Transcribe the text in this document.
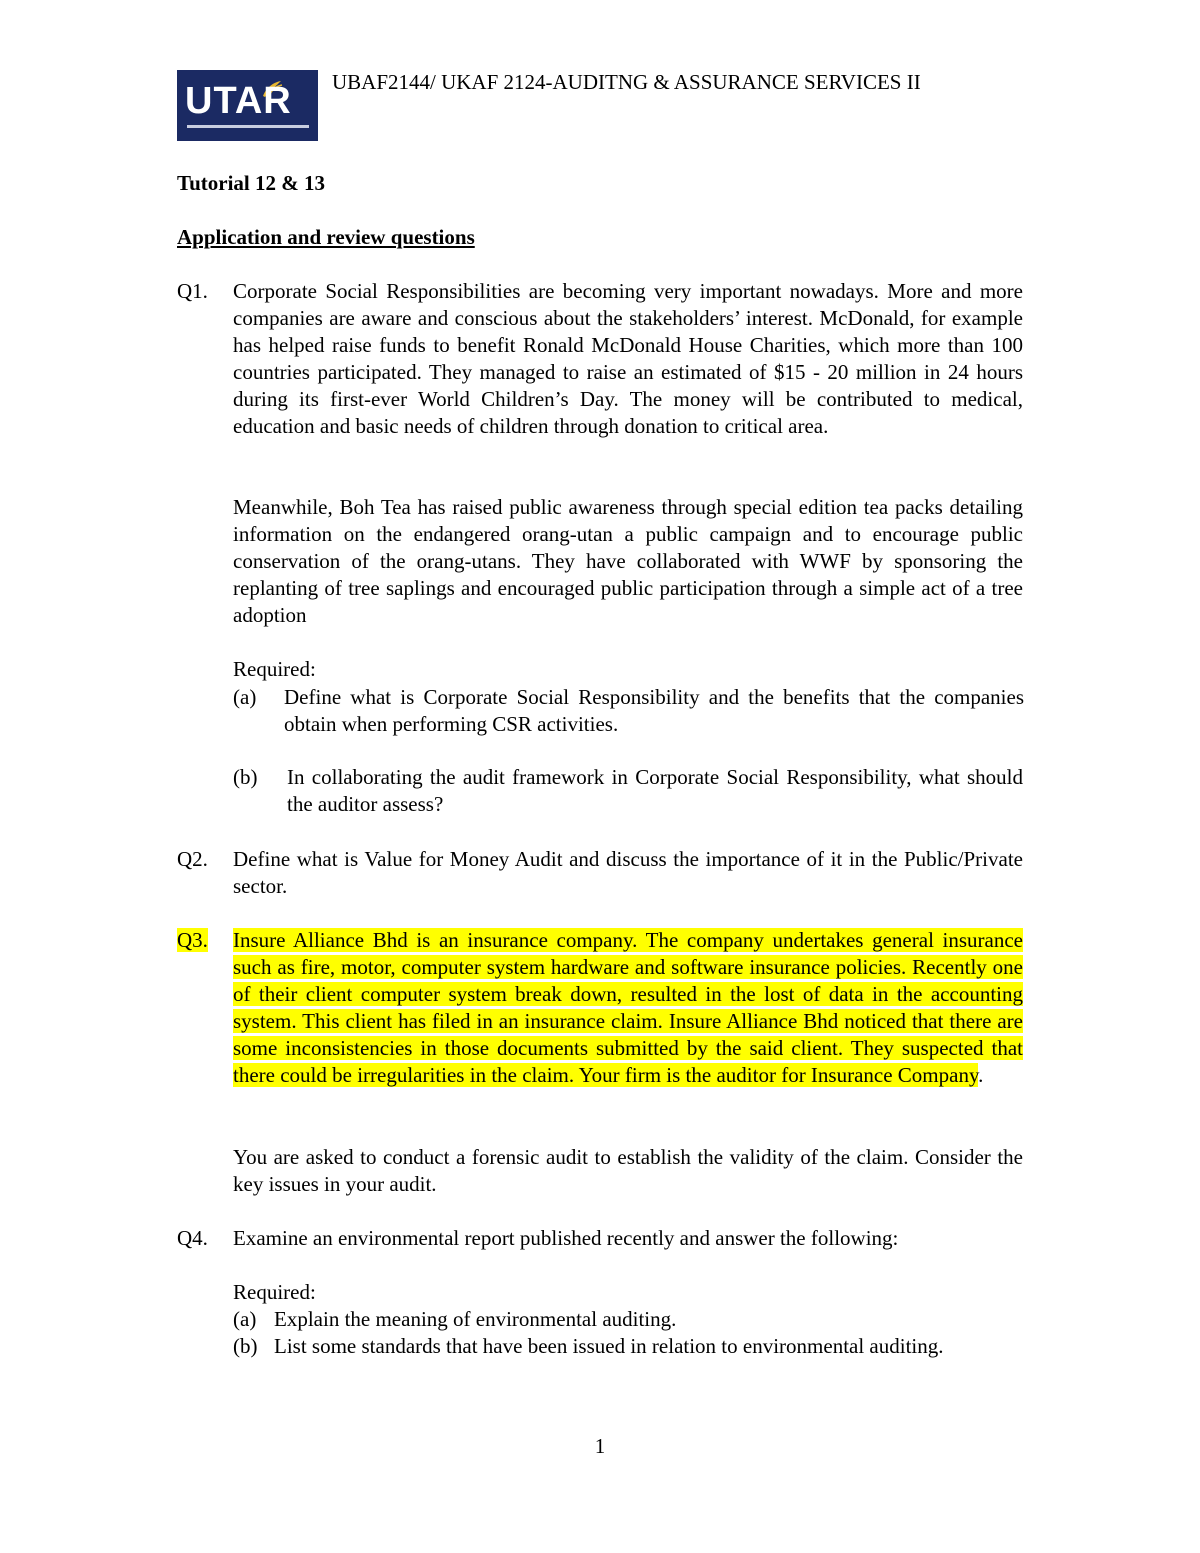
UTAR UBAF2144/ UKAF 2124-AUDITNG & ASSURANCE SERVICES II
Tutorial 12 & 13
Application and review questions
Q1. Corporate Social Responsibilities are becoming very important nowadays. More and more companies are aware and conscious about the stakeholders’ interest. McDonald, for example has helped raise funds to benefit Ronald McDonald House Charities, which more than 100 countries participated. They managed to raise an estimated of $15 - 20 million in 24 hours during its first-ever World Children’s Day. The money will be contributed to medical, education and basic needs of children through donation to critical area.

Meanwhile, Boh Tea has raised public awareness through special edition tea packs detailing information on the endangered orang-utan a public campaign and to encourage public conservation of the orang-utans. They have collaborated with WWF by sponsoring the replanting of tree saplings and encouraged public participation through a simple act of a tree adoption

Required:
(a) Define what is Corporate Social Responsibility and the benefits that the companies obtain when performing CSR activities.

(b) In collaborating the audit framework in Corporate Social Responsibility, what should the auditor assess?

Q2. Define what is Value for Money Audit and discuss the importance of it in the Public/Private sector.

Q3. Insure Alliance Bhd is an insurance company. The company undertakes general insurance such as fire, motor, computer system hardware and software insurance policies. Recently one of their client computer system break down, resulted in the lost of data in the accounting system. This client has filed in an insurance claim. Insure Alliance Bhd noticed that there are some inconsistencies in those documents submitted by the said client. They suspected that there could be irregularities in the claim. Your firm is the auditor for Insurance Company.

You are asked to conduct a forensic audit to establish the validity of the claim. Consider the key issues in your audit.

Q4. Examine an environmental report published recently and answer the following:

Required:
(a) Explain the meaning of environmental auditing.

(b) List some standards that have been issued in relation to environmental auditing.

1
